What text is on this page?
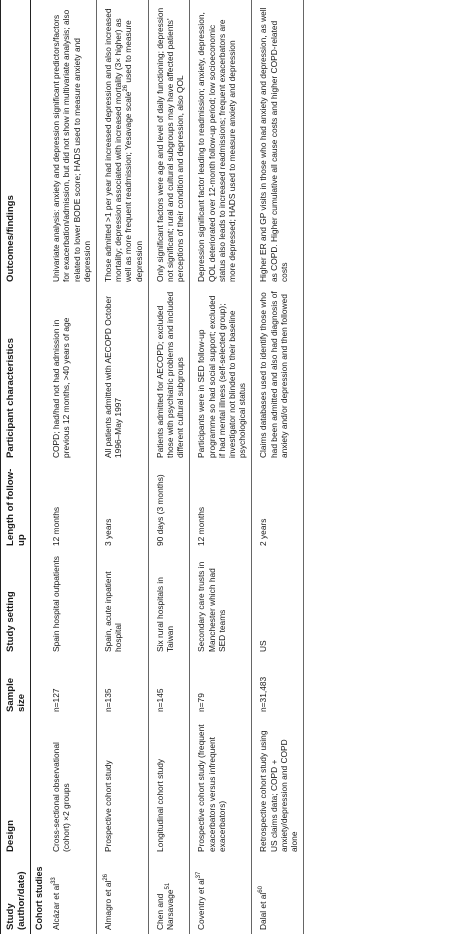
Study (author/date)	Design	Sample size	Study setting	Length of follow-up	Participant characteristics	Outcomes/findings
Cohort studies						
Alcázar et $al^{33}$	Cross-sectional observational (cohort) ×2 groups	n=127	Spain hospital outpatients	12 months	COPD; had/had not had admission in previous 12 months, >40 years of age	Univariate analysis: anxiety and depression significant predictors/factors for exacerbation/admission, but did not show in multivariate analysis; also related to lower BODE score; HADS used to measure anxiety and depression
Almagro et $al^{26}$	Prospective cohort study	n=135	Spain, acute inpatient hospital	3 years	All patients admitted with AECOPD October 1996–May 1997	Those admitted >1 per year had increased depression and also increased mortality; depression associated with increased mortality (3× higher) as well as more frequent readmission; Yesavage scale$^{26}$ used to measure depression
Chen and Narsavage$^{51}$	Longitudinal cohort study	n=145	Six rural hospitals in Taiwan	90 days (3 months)	Patients admitted for AECOPD; excluded those with psychiatric problems and included different cultural subgroups	Only significant factors were age and level of daily functioning; depression not significant; rural and cultural subgroups may have affected patients' perceptions of their condition and depression, also QOL
Coventry et $al^{37}$	Prospective cohort study (frequent exacerbators versus infrequent exacerbators)	n=79	Secondary care trusts in Manchester which had SED teams	12 months	Participants were in SED follow-up programme so had social support; excluded if had mental illness (self-selected group); investigator not blinded to their baseline psychological status	Depression significant factor leading to readmission; anxiety, depression, QOL deteriorated over 12-month follow-up period; low socioeconomic status also leads to increased readmissions; frequent exacerbators are more depressed; HADS used to measure anxiety and depression
Dalal et $al^{60}$	Retrospective cohort study using US claims data; COPD + anxiety/depression and COPD alone	n=31,483	US	2 years	Claims databases used to identify those who had been admitted and also had diagnosis of anxiety and/or depression and then followed	Higher ER and GP visits in those who had anxiety and depression, as well as COPD. Higher cumulative all cause costs and higher COPD-related costs
